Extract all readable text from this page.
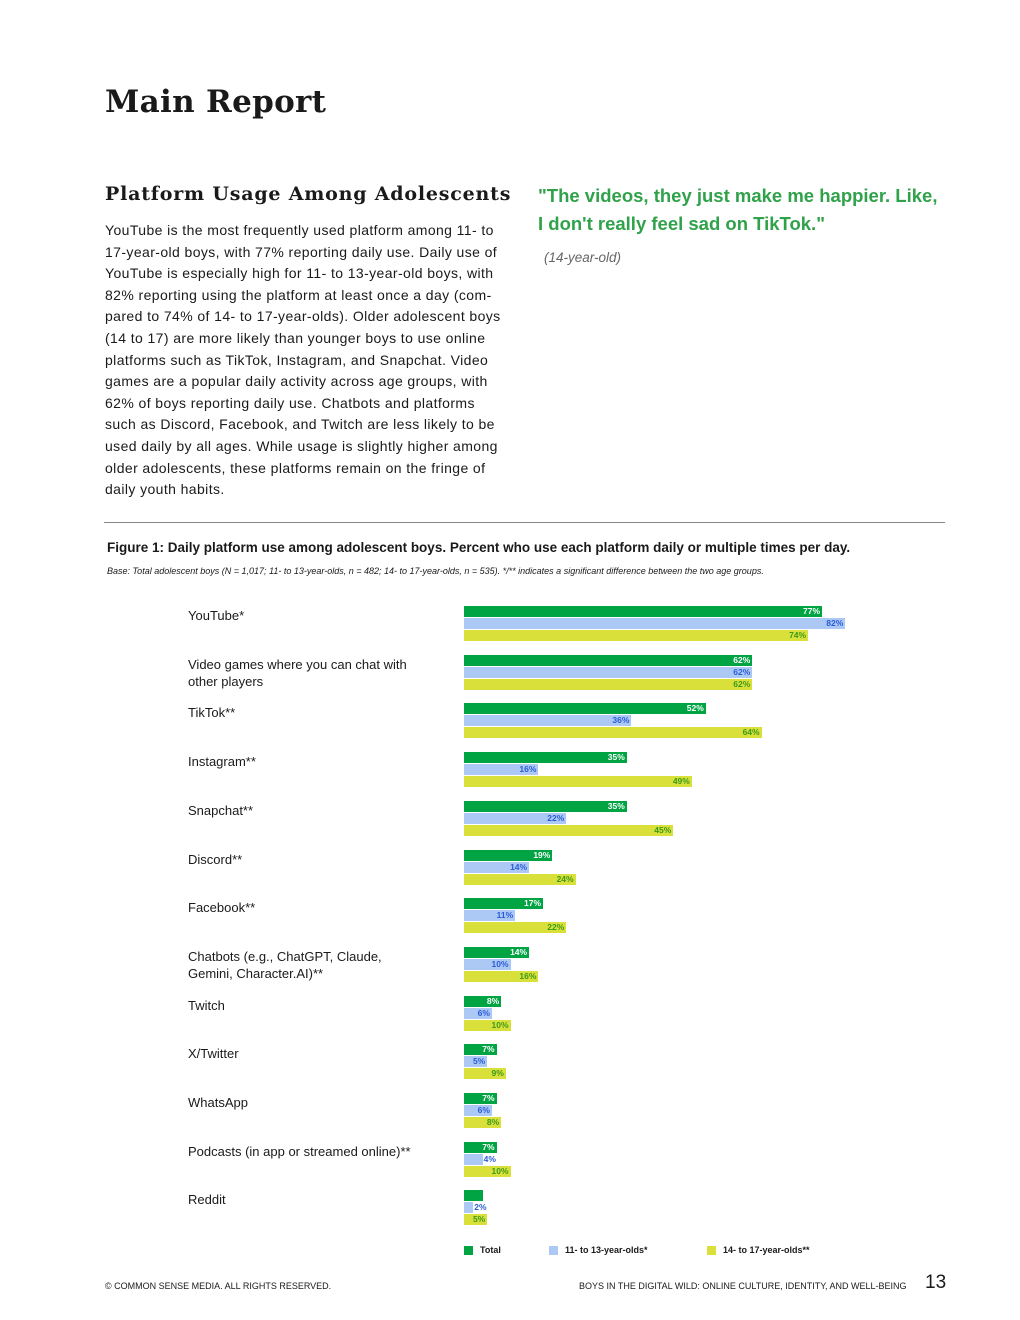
Main Report
Platform Usage Among Adolescents

YouTube is the most frequently used platform among 11- to 17-year-old boys, with 77% reporting daily use. Daily use of YouTube is especially high for 11- to 13-year-old boys, with 82% reporting using the platform at least once a day (compared to 74% of 14- to 17-year-olds). Older adolescent boys (14 to 17) are more likely than younger boys to use online platforms such as TikTok, Instagram, and Snapchat. Video games are a popular daily activity across age groups, with 62% of boys reporting daily use. Chatbots and platforms such as Discord, Facebook, and Twitch are less likely to be used daily by all ages. While usage is slightly higher among older adolescents, these platforms remain on the fringe of daily youth habits.

"The videos, they just make me happier. Like, I don't really feel sad on TikTok."
(14-year-old)
Figure 1: Daily platform use among adolescent boys. Percent who use each platform daily or multiple times per day.
Base: Total adolescent boys (N = 1,017; 11- to 13-year-olds, n = 482; 14- to 17-year-olds, n = 535). */** indicates a significant difference between the two age groups.
YouTube*	77%
82%
74%
Video games where you can chat with other players
62%
62%
62%
TikTok**	52%
36%
64%
Instagram**	35%
16%
49%
Snapchat**	35%
22%
45%
Discord**	19%
14%
24%
Facebook**	17%
11%
22%
Chatbots (e.g., ChatGPT, Claude, Gemini, Character.AI)**
14%
10%
16%
Twitch	8%
6%
10%
X/Twitter	7%
5%
9%
WhatsApp	7%
6%
8%
Podcasts (in app or streamed online)**	7%
4%
10%
Reddit	4%
2%
5%
Total	11- to 13-year-olds*	14- to 17-year-olds**
© COMMON SENSE MEDIA. ALL RIGHTS RESERVED.	BOYS IN THE DIGITAL WILD: ONLINE CULTURE, IDENTITY, AND WELL-BEING 13
